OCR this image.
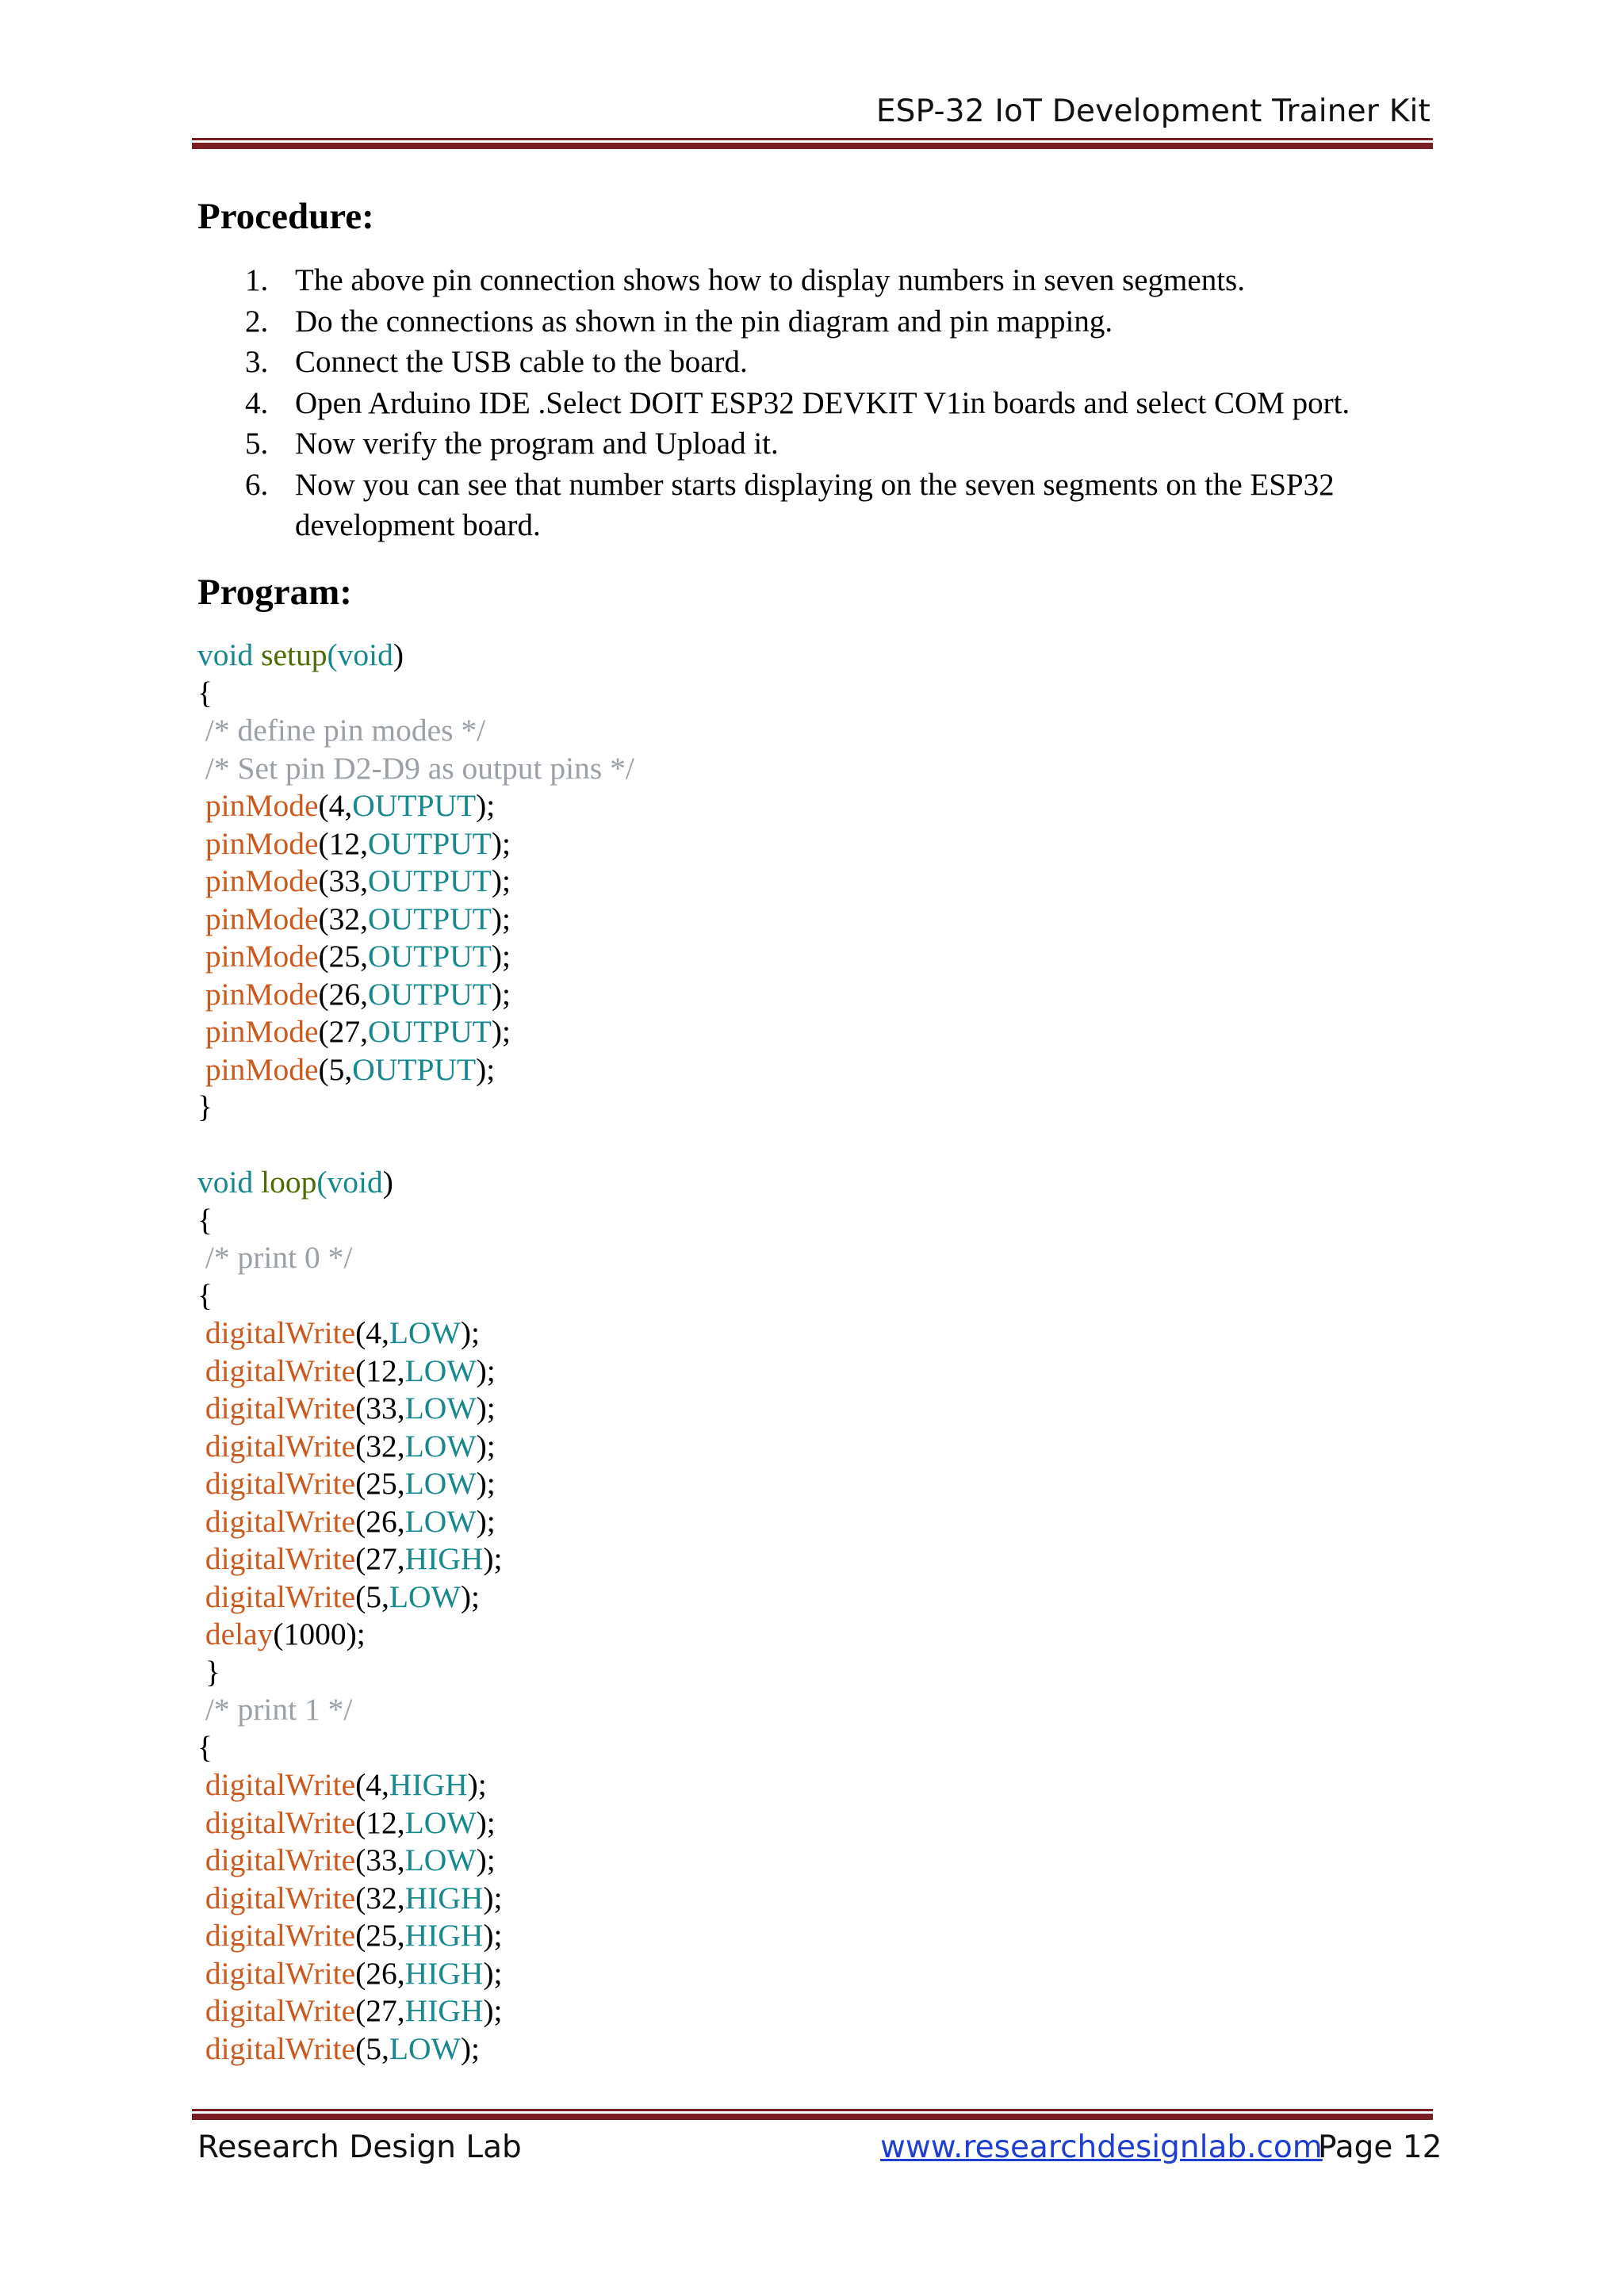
ESP-32 IoT Development Trainer Kit
Procedure:
1. The above pin connection shows how to display numbers in seven segments.
2. Do the connections as shown in the pin diagram and pin mapping.
3. Connect the USB cable to the board.
4. Open Arduino IDE .Select DOIT ESP32 DEVKIT V1in boards and select COM port.
5. Now verify the program and Upload it.
6. Now you can see that number starts displaying on the seven segments on the ESP32 development board.
Program:
void setup(void)
{
/* define pin modes */
/* Set pin D2-D9 as output pins */
pinMode(4,OUTPUT);
pinMode(12,OUTPUT);
pinMode(33,OUTPUT);
pinMode(32,OUTPUT);
pinMode(25,OUTPUT);
pinMode(26,OUTPUT);
pinMode(27,OUTPUT);
pinMode(5,OUTPUT);
}

void loop(void)
{
/* print 0 */
{
digitalWrite(4,LOW);
digitalWrite(12,LOW);
digitalWrite(33,LOW);
digitalWrite(32,LOW);
digitalWrite(25,LOW);
digitalWrite(26,LOW);
digitalWrite(27,HIGH);
digitalWrite(5,LOW);
delay(1000);
}
/* print 1 */
{
digitalWrite(4,HIGH);
digitalWrite(12,LOW);
digitalWrite(33,LOW);
digitalWrite(32,HIGH);
digitalWrite(25,HIGH);
digitalWrite(26,HIGH);
digitalWrite(27,HIGH);
digitalWrite(5,LOW);
Research Design Lab	www.researchdesignlab.com
Page 12
